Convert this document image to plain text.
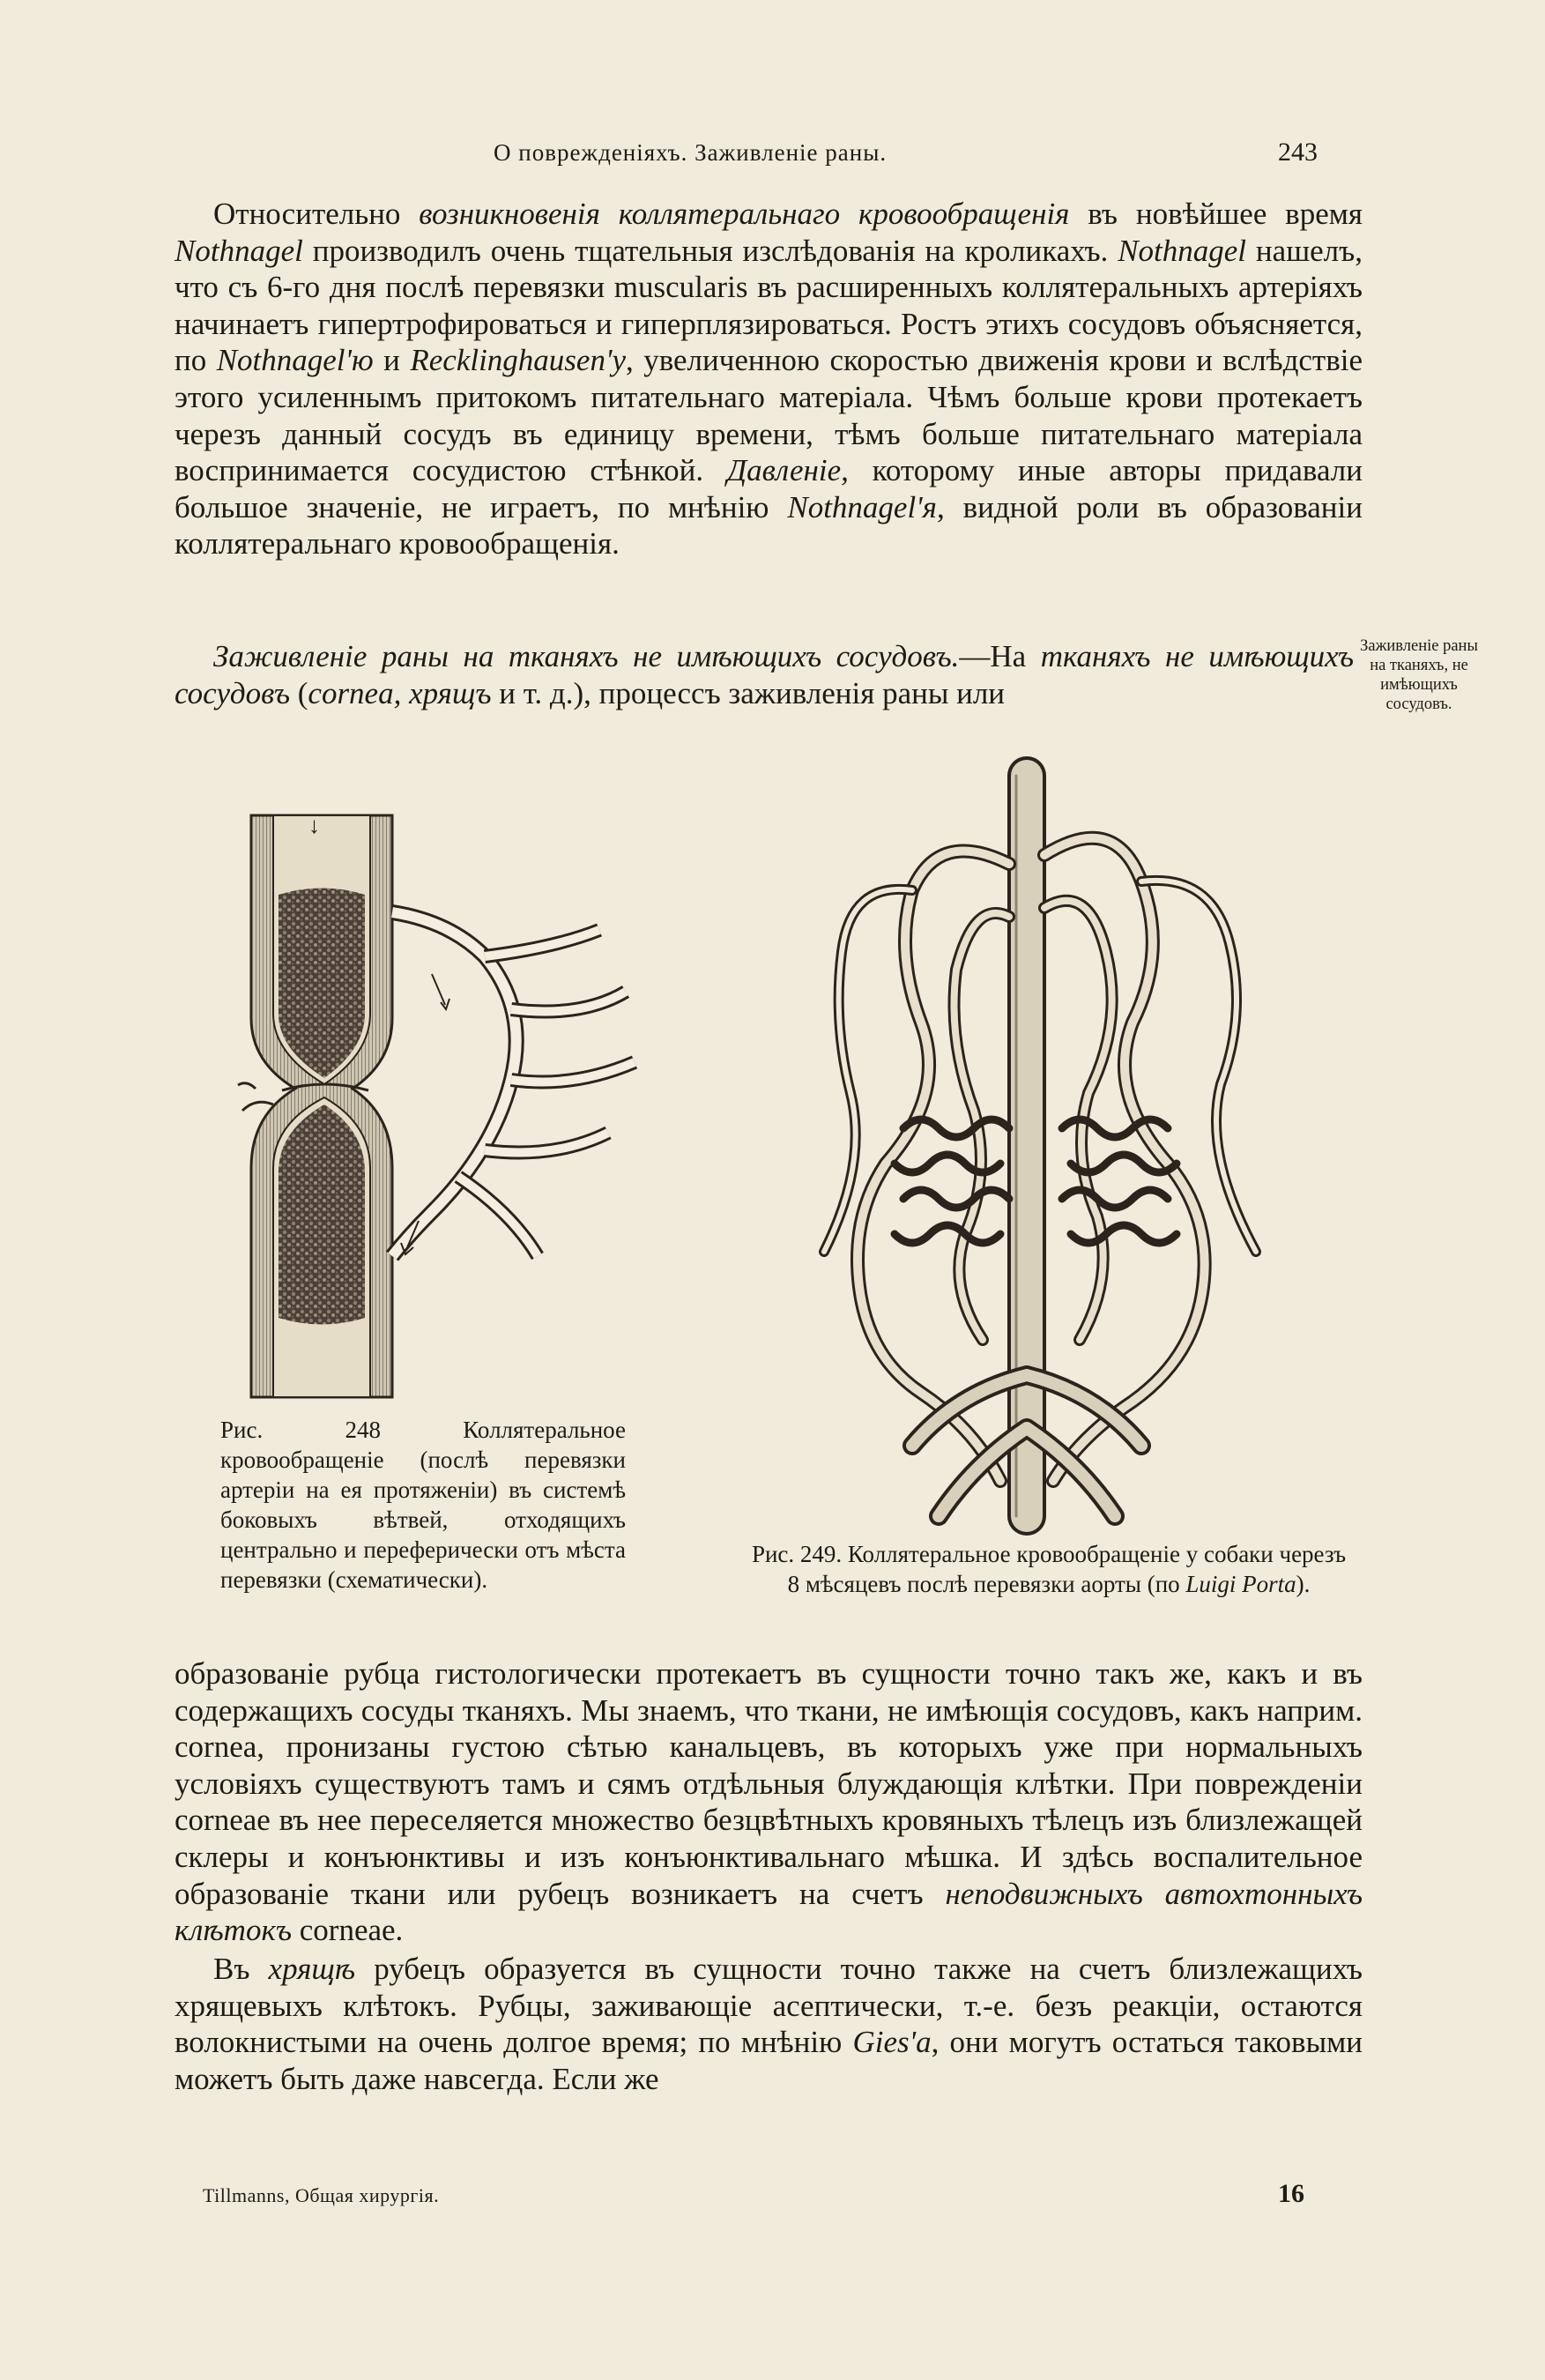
О поврежденіяхъ. Заживленіе раны.	243

Относительно возникновенія коллятеральнаго кровообращенія въ новѣйшее время Nothnagel производилъ очень тщательныя изслѣдованія на кроликахъ. Nothnagel нашелъ, что съ 6-го дня послѣ перевязки musculаris въ расширенныхъ коллятеральныхъ артеріяхъ начинаетъ гипертрофироваться и гиперплязироваться. Ростъ этихъ сосудовъ объясняется, по Nothnagel'ю и Recklinghausen'у, увеличенною скоростью движенія крови и вслѣдствіе этого усиленнымъ притокомъ питательнаго матеріала. Чѣмъ больше крови протекаетъ черезъ данный сосудъ въ единицу времени, тѣмъ больше питательнаго матеріала воспринимается сосудистою стѣнкой. Давленіе, которому иные авторы придавали большое значеніе, не играетъ, по мнѣнію Nothnagel'я, видной роли въ образованіи коллятеральнаго кровообращенія.

Заживленіе раны на тканяхъ не имѣющихъ сосудовъ.—На тканяхъ не имѣющихъ сосудовъ (cornea, хрящъ и т. д.), процессъ заживленія раны или

Заживленіе раны на тканяхъ, не имѣющихъ сосудовъ.
↓
Рис. 248 Коллятеральное кровообращеніе (послѣ перевязки артеріи на ея протяженіи) въ системѣ боковыхъ вѣтвей, отходящихъ центрально и переферически отъ мѣста перевязки (схематически).
Рис. 249. Коллятеральное кровообращеніе у собаки черезъ 8 мѣсяцевъ послѣ перевязки аорты (по Luigi Porta).

образованіе рубца гистологически протекаетъ въ сущности точно такъ же, какъ и въ содержащихъ сосуды тканяхъ. Мы знаемъ, что ткани, не имѣющія сосудовъ, какъ наприм. cornea, пронизаны густою сѣтью канальцевъ, въ которыхъ уже при нормальныхъ условіяхъ существуютъ тамъ и сямъ отдѣльныя блуждающія клѣтки. При поврежденіи corneae въ нее переселяется множество безцвѣтныхъ кровяныхъ тѣлецъ изъ близлежащей склеры и конъюнктивы и изъ конъюнктивальнаго мѣшка. И здѣсь воспалительное образованіе ткани или рубецъ возникаетъ на счетъ неподвижныхъ автохтонныхъ клѣтокъ corneae.

Въ хрящѣ рубецъ образуется въ сущности точно также на счетъ близлежащихъ хрящевыхъ клѣтокъ. Рубцы, заживающіе асептически, т.-е. безъ реакціи, остаются волокнистыми на очень долгое время; по мнѣнію Gies'а, они могутъ остаться таковыми можетъ быть даже навсегда. Если же

Tillmanns, Общая хирургія.	16
